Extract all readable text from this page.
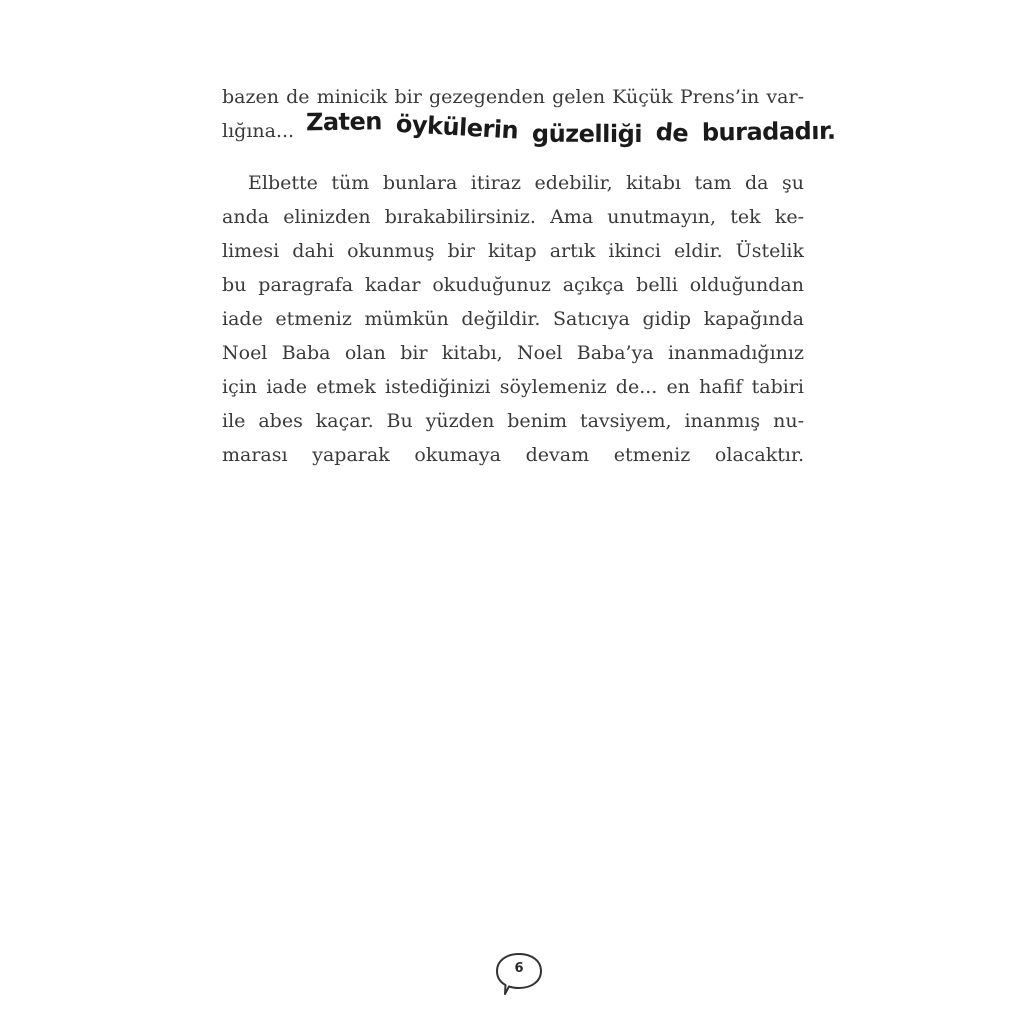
bazen de minicik bir gezegenden gelen Küçük Prens’in var-
lığına... Zaten öykülerin güzelliği de buradadır.
Elbette tüm bunlara itiraz edebilir, kitabı tam da şu
anda elinizden bırakabilirsiniz. Ama unutmayın, tek ke-
limesi dahi okunmuş bir kitap artık ikinci eldir. Üstelik
bu paragrafa kadar okuduğunuz açıkça belli olduğundan
iade etmeniz mümkün değildir. Satıcıya gidip kapağında
Noel Baba olan bir kitabı, Noel Baba’ya inanmadığınız
için iade etmek istediğinizi söylemeniz de... en hafif tabiri
ile abes kaçar. Bu yüzden benim tavsiyem, inanmış nu-
marası yaparak okumaya devam etmeniz olacaktır.
6
